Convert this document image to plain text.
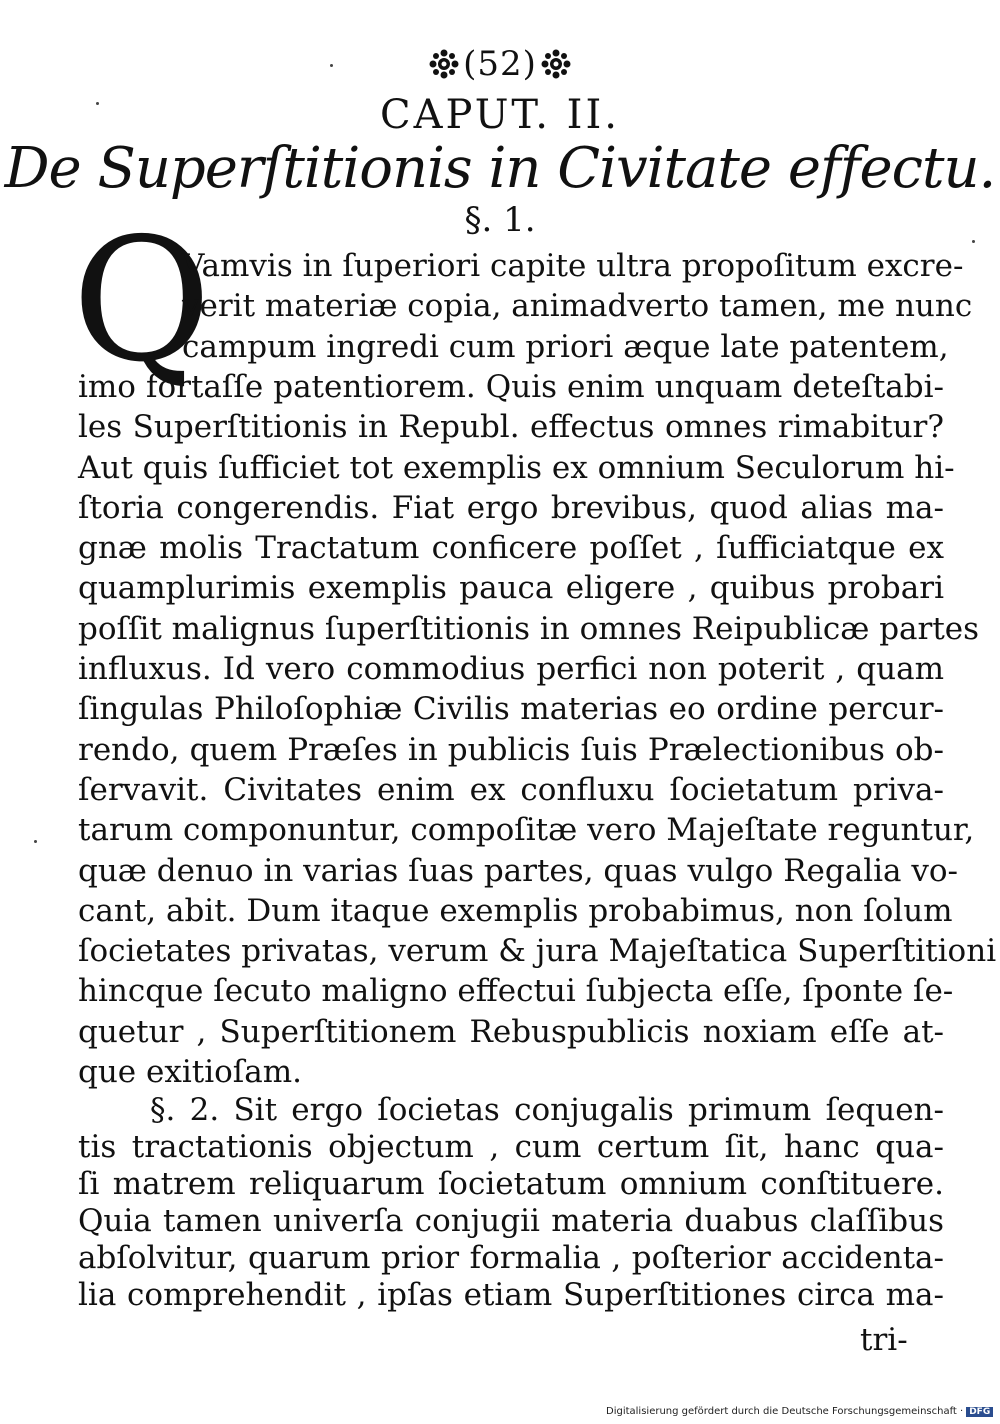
(52)
CAPUT. II.
De Superſtitionis in Civitate effectu.
§. 1.
Q
Vamvis in ſuperiori capite ultra propoſitum excre-
verit materiæ copia, animadverto tamen, me nunc
campum ingredi cum priori æque late patentem,
imo fortaſſe patentiorem. Quis enim unquam deteſtabi-
les Superſtitionis in Republ. effectus omnes rimabitur?
Aut quis ſufficiet tot exemplis ex omnium Seculorum hi-
ſtoria congerendis. Fiat ergo brevibus, quod alias ma-
gnæ molis Tractatum conficere poſſet , ſufficiatque ex
quamplurimis exemplis pauca eligere , quibus probari
poſſit malignus ſuperſtitionis in omnes Reipublicæ partes
influxus. Id vero commodius perfici non poterit , quam
ſingulas Philoſophiæ Civilis materias eo ordine percur-
rendo, quem Præſes in publicis ſuis Prælectionibus ob-
ſervavit. Civitates enim ex confluxu ſocietatum priva-
tarum componuntur, compoſitæ vero Majeſtate reguntur,
quæ denuo in varias ſuas partes, quas vulgo Regalia vo-
cant, abit. Dum itaque exemplis probabimus, non ſolum
ſocietates privatas, verum & jura Majeſtatica Superſtitioni
hincque ſecuto maligno effectui ſubjecta eſſe, ſponte ſe-
quetur , Superſtitionem Rebuspublicis noxiam eſſe at-
que exitioſam.
§. 2. Sit ergo ſocietas conjugalis primum ſequen-
tis tractationis objectum , cum certum ſit, hanc qua-
ſi matrem reliquarum ſocietatum omnium conſtituere.
Quia tamen univerſa conjugii materia duabus claſſibus
abſolvitur, quarum prior formalia , poſterior accidenta-
lia comprehendit , ipſas etiam Superſtitiones circa ma-
tri-
Digitalisierung gefördert durch die Deutsche Forschungsgemeinschaft · DFG
